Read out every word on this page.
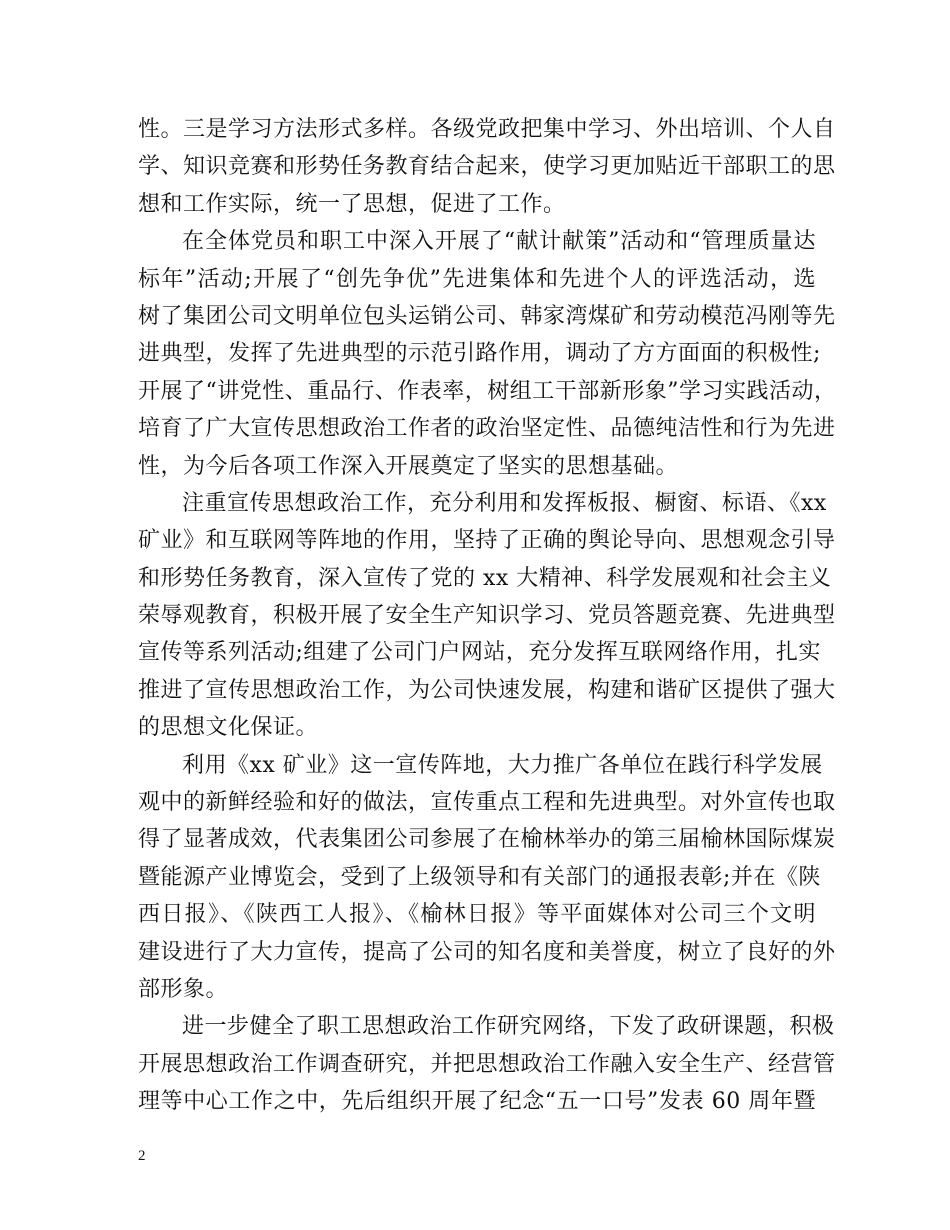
性。三是学习方法形式多样。各级党政把集中学习、外出培训、个人自
学、知识竞赛和形势任务教育结合起来，使学习更加贴近干部职工的思
想和工作实际，统一了思想，促进了工作。
在全体党员和职工中深入开展了“献计献策”活动和“管理质量达
标年”活动;开展了“创先争优”先进集体和先进个人的评选活动，选
树了集团公司文明单位包头运销公司、韩家湾煤矿和劳动模范冯刚等先
进典型，发挥了先进典型的示范引路作用，调动了方方面面的积极性;
开展了“讲党性、重品行、作表率，树组工干部新形象”学习实践活动，
培育了广大宣传思想政治工作者的政治坚定性、品德纯洁性和行为先进
性，为今后各项工作深入开展奠定了坚实的思想基础。
注重宣传思想政治工作，充分利用和发挥板报、橱窗、标语、《xx
矿业》和互联网等阵地的作用，坚持了正确的舆论导向、思想观念引导
和形势任务教育，深入宣传了党的 xx 大精神、科学发展观和社会主义
荣辱观教育，积极开展了安全生产知识学习、党员答题竞赛、先进典型
宣传等系列活动;组建了公司门户网站，充分发挥互联网络作用，扎实
推进了宣传思想政治工作，为公司快速发展，构建和谐矿区提供了强大
的思想文化保证。
利用《xx 矿业》这一宣传阵地，大力推广各单位在践行科学发展
观中的新鲜经验和好的做法，宣传重点工程和先进典型。对外宣传也取
得了显著成效，代表集团公司参展了在榆林举办的第三届榆林国际煤炭
暨能源产业博览会，受到了上级领导和有关部门的通报表彰;并在《陕
西日报》、《陕西工人报》、《榆林日报》等平面媒体对公司三个文明
建设进行了大力宣传，提高了公司的知名度和美誉度，树立了良好的外
部形象。
进一步健全了职工思想政治工作研究网络，下发了政研课题，积极
开展思想政治工作调查研究，并把思想政治工作融入安全生产、经营管
理等中心工作之中，先后组织开展了纪念“五一口号”发表 60 周年暨
2
